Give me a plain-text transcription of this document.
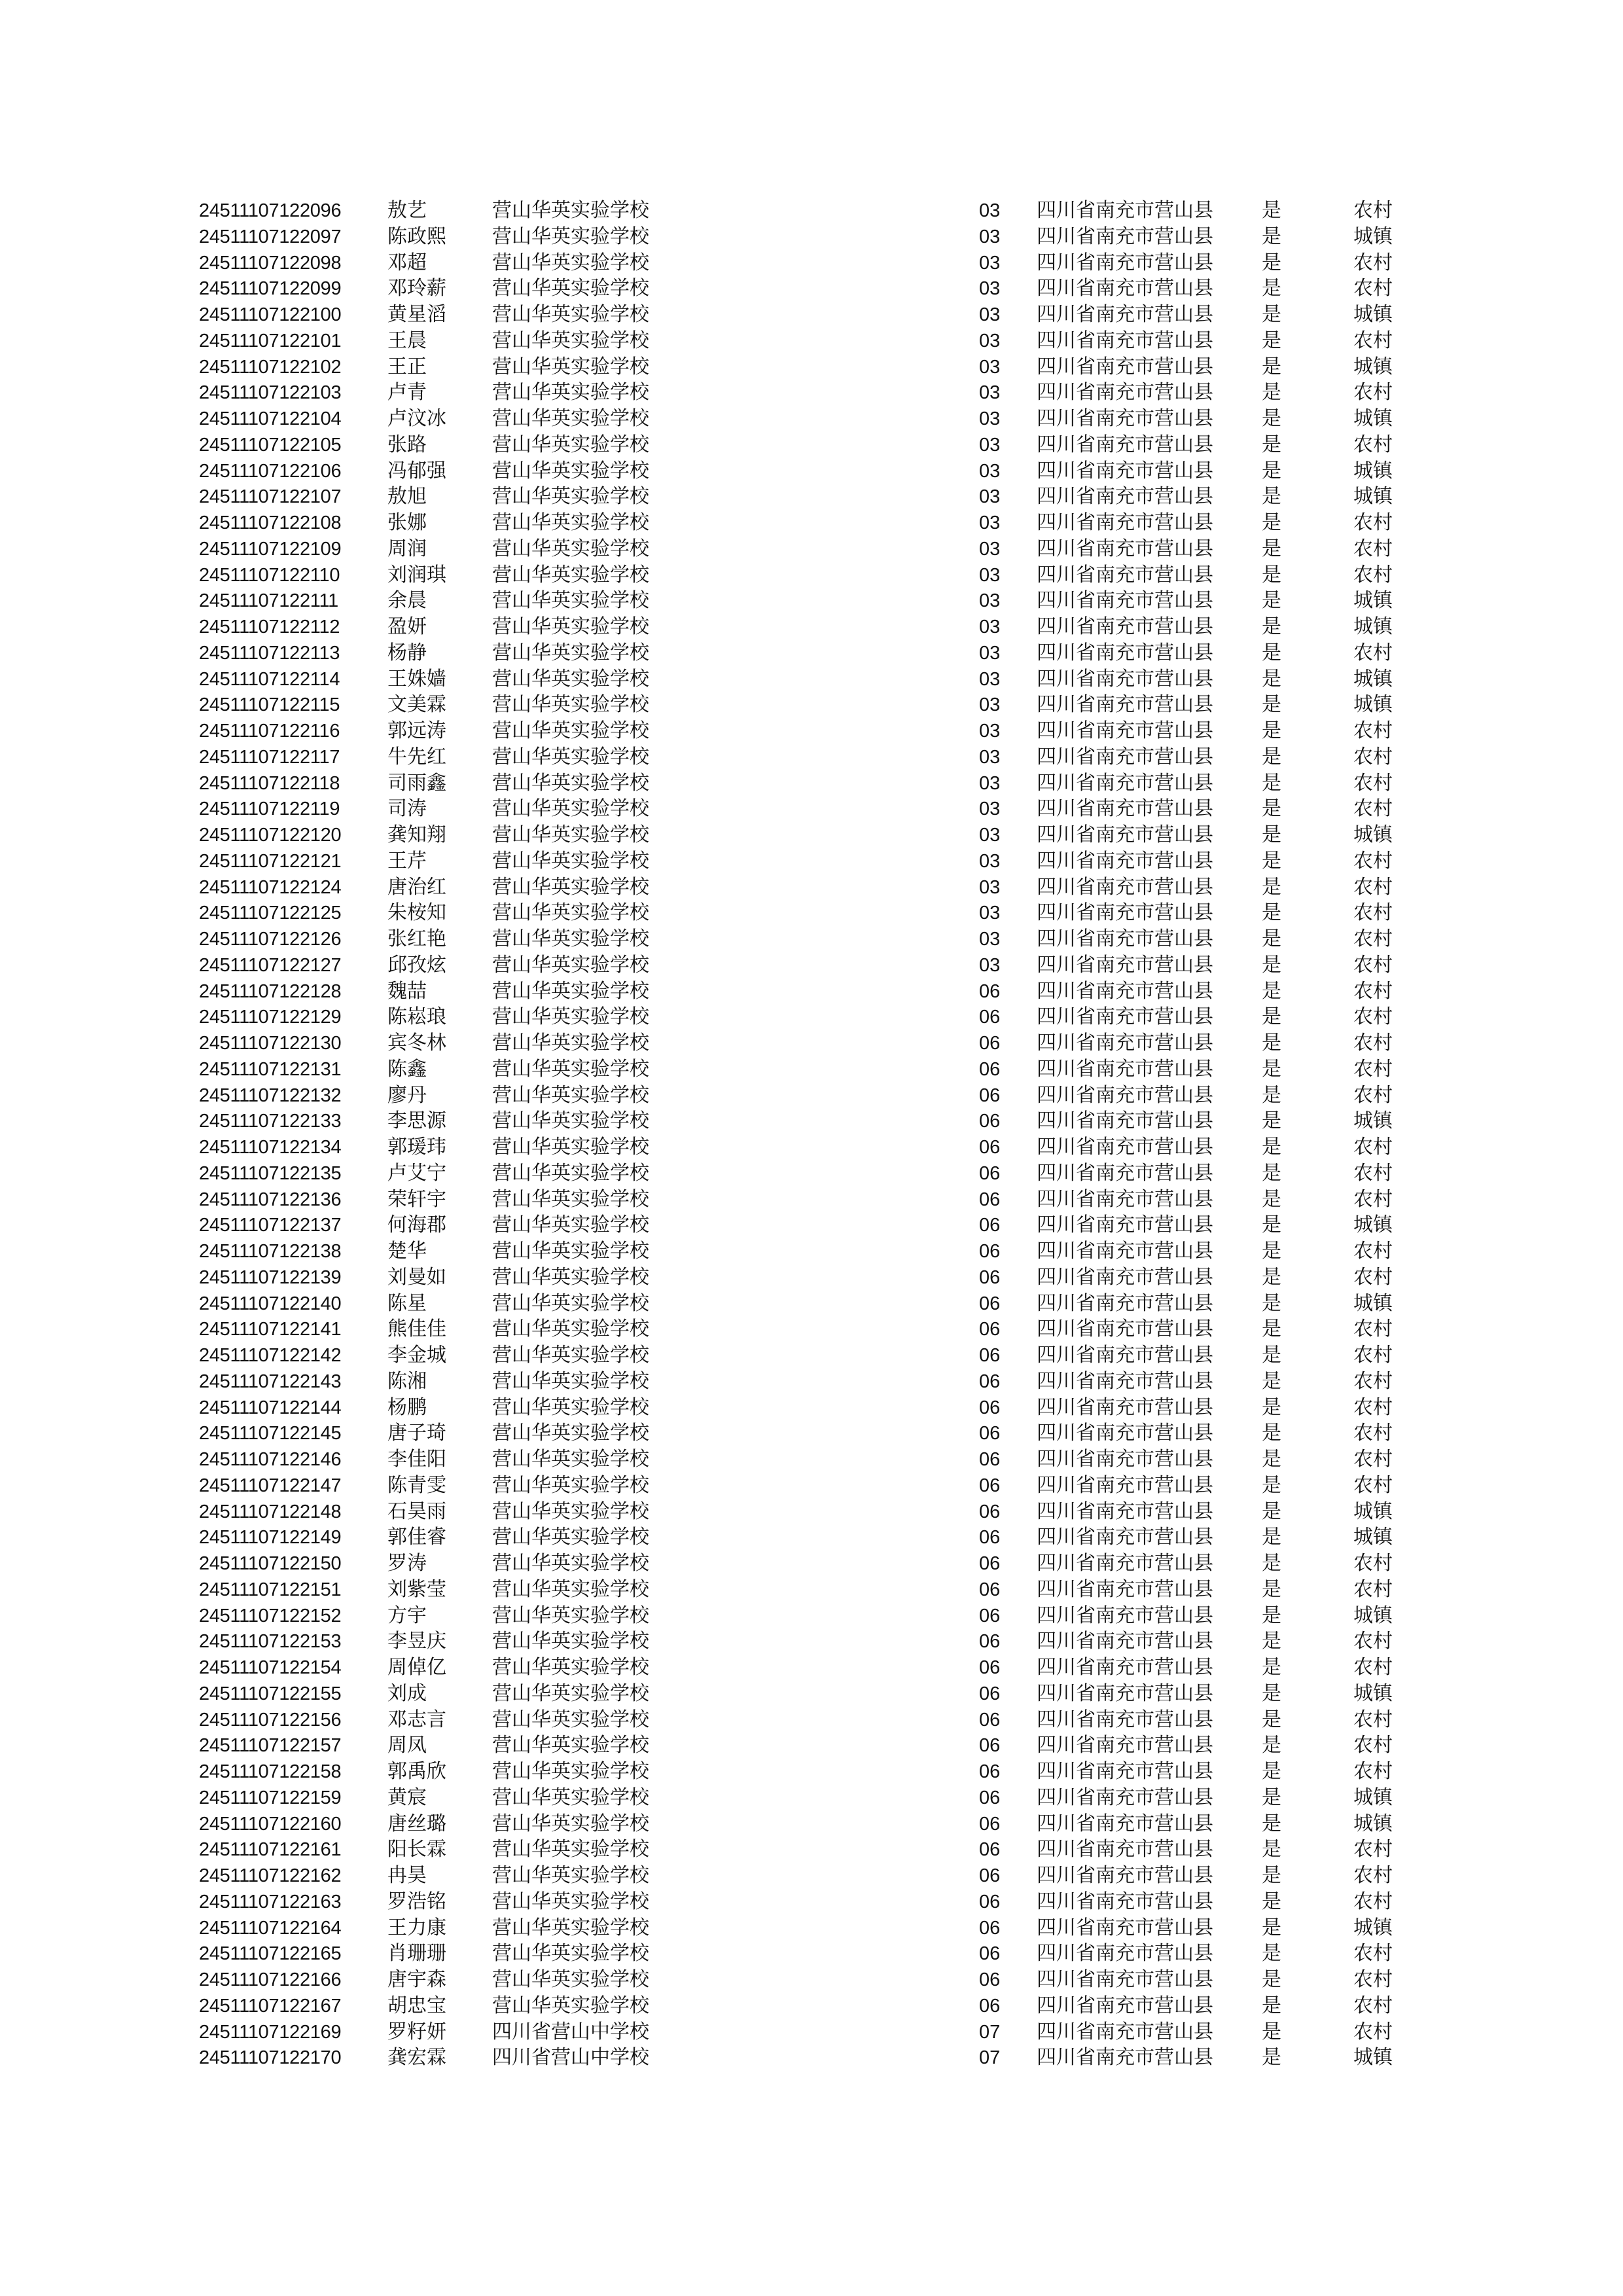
24511107122096 敖艺	营山华英实验学校	03 四川省南充市营山县 是	农村
24511107122097 陈政熙 营山华英实验学校	03 四川省南充市营山县 是	城镇
24511107122098 邓超	营山华英实验学校	03 四川省南充市营山县 是	农村
24511107122099 邓玲薪 营山华英实验学校	03 四川省南充市营山县 是	农村
24511107122100 黄星滔 营山华英实验学校	03 四川省南充市营山县 是	城镇
24511107122101 王晨	营山华英实验学校	03 四川省南充市营山县 是	农村
24511107122102 王正	营山华英实验学校	03 四川省南充市营山县 是	城镇
24511107122103 卢青	营山华英实验学校	03 四川省南充市营山县 是	农村
24511107122104 卢汶冰 营山华英实验学校	03 四川省南充市营山县 是	城镇
24511107122105 张路	营山华英实验学校	03 四川省南充市营山县 是	农村
24511107122106 冯郁强 营山华英实验学校	03 四川省南充市营山县 是	城镇
24511107122107 敖旭	营山华英实验学校	03 四川省南充市营山县 是	城镇
24511107122108 张娜	营山华英实验学校	03 四川省南充市营山县 是	农村
24511107122109 周润	营山华英实验学校	03 四川省南充市营山县 是	农村
24511107122110 刘润琪 营山华英实验学校	03 四川省南充市营山县 是	农村
24511107122111	余晨	营山华英实验学校	03 四川省南充市营山县 是	城镇
24511107122112 盈妍	营山华英实验学校	03 四川省南充市营山县 是	城镇
24511107122113 杨静	营山华英实验学校	03 四川省南充市营山县 是	农村
24511107122114 王姝嫱 营山华英实验学校	03 四川省南充市营山县 是	城镇
24511107122115 文美霖 营山华英实验学校	03 四川省南充市营山县 是	城镇
24511107122116 郭远涛 营山华英实验学校	03 四川省南充市营山县 是	农村
24511107122117 牛先红 营山华英实验学校	03 四川省南充市营山县 是	农村
24511107122118 司雨鑫 营山华英实验学校	03 四川省南充市营山县 是	农村
24511107122119 司涛	营山华英实验学校	03 四川省南充市营山县 是	农村
24511107122120 龚知翔 营山华英实验学校	03 四川省南充市营山县 是	城镇
24511107122121 王芹	营山华英实验学校	03 四川省南充市营山县 是	农村
24511107122124 唐治红 营山华英实验学校	03 四川省南充市营山县 是	农村
24511107122125 朱桉知 营山华英实验学校	03 四川省南充市营山县 是	农村
24511107122126 张红艳 营山华英实验学校	03 四川省南充市营山县 是	农村
24511107122127 邱孜炫 营山华英实验学校	03 四川省南充市营山县 是	农村
24511107122128 魏喆	营山华英实验学校	06 四川省南充市营山县 是	农村
24511107122129 陈崧琅 营山华英实验学校	06 四川省南充市营山县 是	农村
24511107122130 宾冬林 营山华英实验学校	06 四川省南充市营山县 是	农村
24511107122131 陈鑫	营山华英实验学校	06 四川省南充市营山县 是	农村
24511107122132 廖丹	营山华英实验学校	06 四川省南充市营山县 是	农村
24511107122133 李思源 营山华英实验学校	06 四川省南充市营山县 是	城镇
24511107122134 郭瑗玮 营山华英实验学校	06 四川省南充市营山县 是	农村
24511107122135 卢艾宁 营山华英实验学校	06 四川省南充市营山县 是	农村
24511107122136 荣轩宇 营山华英实验学校	06 四川省南充市营山县 是	农村
24511107122137 何海郡 营山华英实验学校	06 四川省南充市营山县 是	城镇
24511107122138 楚华	营山华英实验学校	06 四川省南充市营山县 是	农村
24511107122139 刘曼如 营山华英实验学校	06 四川省南充市营山县 是	农村
24511107122140 陈星	营山华英实验学校	06 四川省南充市营山县 是	城镇
24511107122141 熊佳佳 营山华英实验学校	06 四川省南充市营山县 是	农村
24511107122142 李金城 营山华英实验学校	06 四川省南充市营山县 是	农村
24511107122143 陈湘	营山华英实验学校	06 四川省南充市营山县 是	农村
24511107122144 杨鹏	营山华英实验学校	06 四川省南充市营山县 是	农村
24511107122145 唐子琦 营山华英实验学校	06 四川省南充市营山县 是	农村
24511107122146 李佳阳 营山华英实验学校	06 四川省南充市营山县 是	农村
24511107122147 陈青雯 营山华英实验学校	06 四川省南充市营山县 是	农村
24511107122148 石昊雨 营山华英实验学校	06 四川省南充市营山县 是	城镇
24511107122149 郭佳睿 营山华英实验学校	06 四川省南充市营山县 是	城镇
24511107122150 罗涛	营山华英实验学校	06 四川省南充市营山县 是	农村
24511107122151 刘紫莹 营山华英实验学校	06 四川省南充市营山县 是	农村
24511107122152 方宇	营山华英实验学校	06 四川省南充市营山县 是	城镇
24511107122153 李昱庆 营山华英实验学校	06 四川省南充市营山县 是	农村
24511107122154 周倬亿 营山华英实验学校	06 四川省南充市营山县 是	农村
24511107122155 刘成	营山华英实验学校	06 四川省南充市营山县 是	城镇
24511107122156 邓志言 营山华英实验学校	06 四川省南充市营山县 是	农村
24511107122157 周凤	营山华英实验学校	06 四川省南充市营山县 是	农村
24511107122158 郭禹欣 营山华英实验学校	06 四川省南充市营山县 是	农村
24511107122159 黄宸	营山华英实验学校	06 四川省南充市营山县 是	城镇
24511107122160 唐丝璐 营山华英实验学校	06 四川省南充市营山县 是	城镇
24511107122161 阳长霖 营山华英实验学校	06 四川省南充市营山县 是	农村
24511107122162 冉昊	营山华英实验学校	06 四川省南充市营山县 是	农村
24511107122163 罗浩铭 营山华英实验学校	06 四川省南充市营山县 是	农村
24511107122164 王力康 营山华英实验学校	06 四川省南充市营山县 是	城镇
24511107122165 肖珊珊 营山华英实验学校	06 四川省南充市营山县 是	农村
24511107122166 唐宇森 营山华英实验学校	06 四川省南充市营山县 是	农村
24511107122167 胡忠宝 营山华英实验学校	06 四川省南充市营山县 是	农村
24511107122169 罗籽妍 四川省营山中学校	07 四川省南充市营山县 是	农村
24511107122170 龚宏霖 四川省营山中学校	07 四川省南充市营山县 是	城镇
